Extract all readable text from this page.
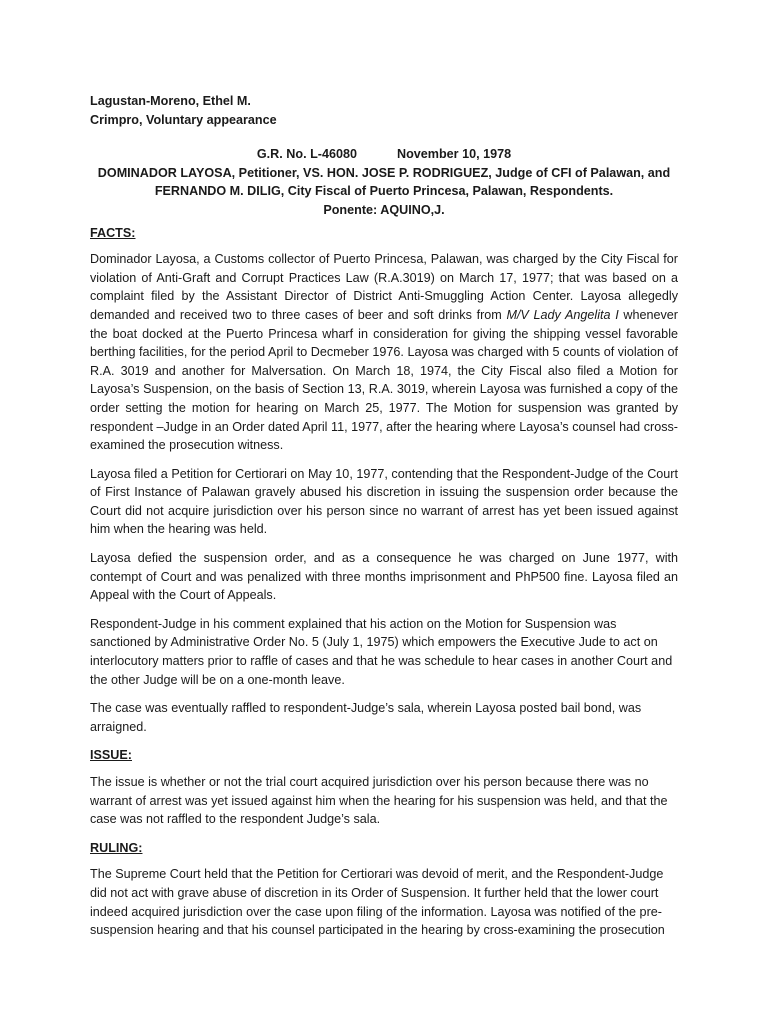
Lagustan-Moreno, Ethel M.
Crimpro, Voluntary appearance
G.R. No. L-46080	November 10, 1978
DOMINADOR LAYOSA, Petitioner, VS. HON. JOSE P. RODRIGUEZ, Judge of CFI of Palawan, and
FERNANDO M. DILIG, City Fiscal of Puerto Princesa, Palawan, Respondents.
Ponente: AQUINO,J.
FACTS:

Dominador Layosa, a Customs collector of Puerto Princesa, Palawan, was charged by the City Fiscal for violation of Anti-Graft and Corrupt Practices Law (R.A.3019) on March 17, 1977; that was based on a complaint filed by the Assistant Director of District Anti-Smuggling Action Center. Layosa allegedly demanded and received two to three cases of beer and soft drinks from M/V Lady Angelita I whenever the boat docked at the Puerto Princesa wharf in consideration for giving the shipping vessel favorable berthing facilities, for the period April to Decmeber 1976. Layosa was charged with 5 counts of violation of R.A. 3019 and another for Malversation. On March 18, 1974, the City Fiscal also filed a Motion for Layosa’s Suspension, on the basis of Section 13, R.A. 3019, wherein Layosa was furnished a copy of the order setting the motion for hearing on March 25, 1977. The Motion for suspension was granted by respondent –Judge in an Order dated April 11, 1977, after the hearing where Layosa’s counsel had cross-examined the prosecution witness.

Layosa filed a Petition for Certiorari on May 10, 1977, contending that the Respondent-Judge of the Court of First Instance of Palawan gravely abused his discretion in issuing the suspension order because the Court did not acquire jurisdiction over his person since no warrant of arrest has yet been issued against him when the hearing was held.

Layosa defied the suspension order, and as a consequence he was charged on June 1977, with contempt of Court and was penalized with three months imprisonment and PhP500 fine. Layosa filed an Appeal with the Court of Appeals.

Respondent-Judge in his comment explained that his action on the Motion for Suspension was sanctioned by Administrative Order No. 5 (July 1, 1975) which empowers the Executive Jude to act on interlocutory matters prior to raffle of cases and that he was schedule to hear cases in another Court and the other Judge will be on a one-month leave.

The case was eventually raffled to respondent-Judge’s sala, wherein Layosa posted bail bond, was arraigned.

ISSUE:

The issue is whether or not the trial court acquired jurisdiction over his person because there was no warrant of arrest was yet issued against him when the hearing for his suspension was held, and that the case was not raffled to the respondent Judge’s sala.

RULING:

The Supreme Court held that the Petition for Certiorari was devoid of merit, and the Respondent-Judge did not act with grave abuse of discretion in its Order of Suspension. It further held that the lower court indeed acquired jurisdiction over the case upon filing of the information. Layosa was notified of the pre-suspension hearing and that his counsel participated in the hearing by cross-examining the prosecution
